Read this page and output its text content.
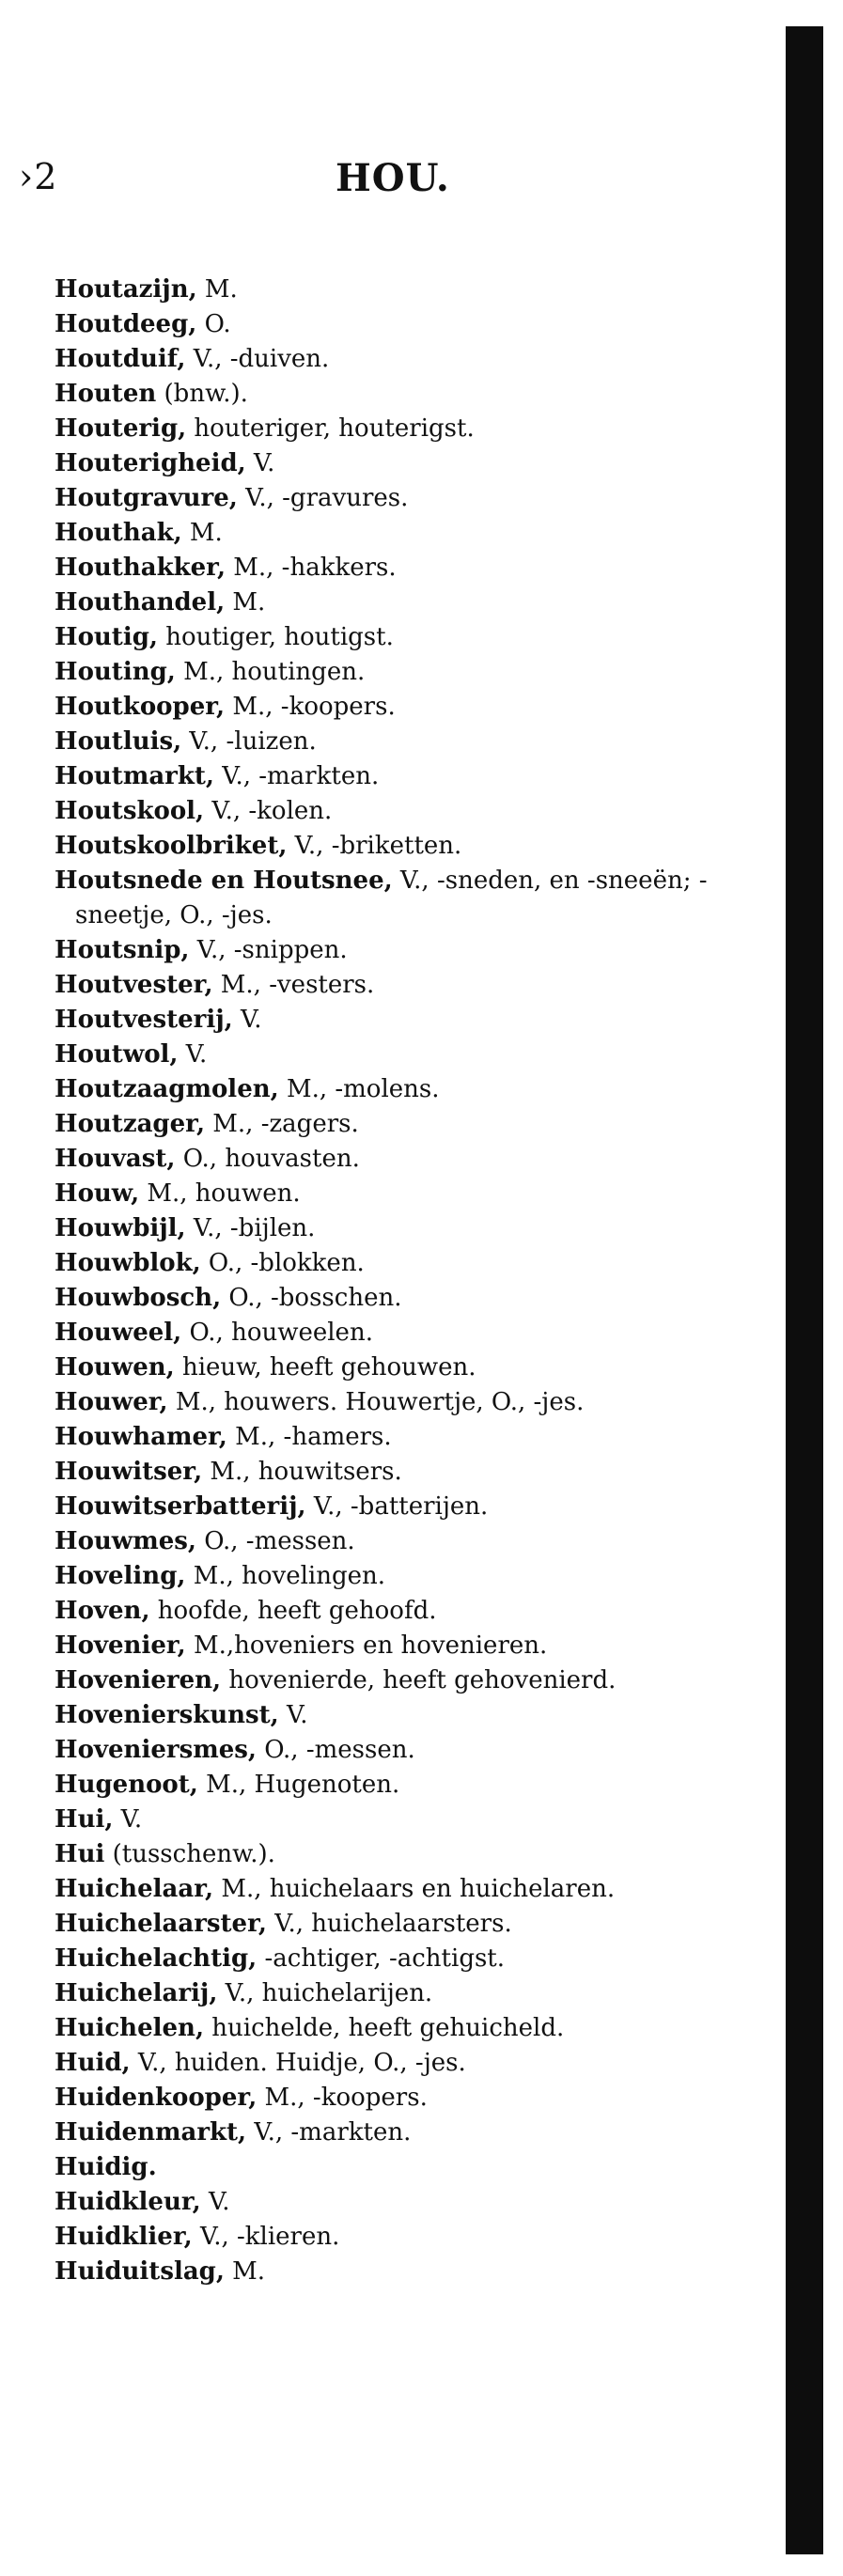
›2	HOU.

Houtazijn, M.

Houtdeeg, O.

Houtduif, V., -duiven.

Houten (bnw.).

Houterig, houteriger, houterigst.

Houterigheid, V.

Houtgravure, V., -gravures.

Houthak, M.

Houthakker, M., -hakkers.

Houthandel, M.

Houtig, houtiger, houtigst.

Houting, M., houtingen.

Houtkooper, M., -koopers.

Houtluis, V., -luizen.

Houtmarkt, V., -markten.

Houtskool, V., -kolen.

Houtskoolbriket, V., -briketten.

Houtsnede en Houtsnee, V., -sneden, en -sneeën; -sneetje, O., -jes.

Houtsnip, V., -snippen.

Houtvester, M., -vesters.

Houtvesterij, V.

Houtwol, V.

Houtzaagmolen, M., -molens.

Houtzager, M., -zagers.

Houvast, O., houvasten.

Houw, M., houwen.

Houwbijl, V., -bijlen.

Houwblok, O., -blokken.

Houwbosch, O., -bosschen.

Houweel, O., houweelen.

Houwen, hieuw, heeft gehouwen.

Houwer, M., houwers. Houwertje, O., -jes.

Houwhamer, M., -hamers.

Houwitser, M., houwitsers.

Houwitserbatterij, V., -batterijen.

Houwmes, O., -messen.

Hoveling, M., hovelingen.

Hoven, hoofde, heeft gehoofd.

Hovenier, M.,hoveniers en hovenieren.

Hovenieren, hovenierde, heeft gehovenierd.

Hovenierskunst, V.

Hoveniersmes, O., -messen.

Hugenoot, M., Hugenoten.

Hui, V.

Hui (tusschenw.).

Huichelaar, M., huichelaars en huichelaren.

Huichelaarster, V., huichelaarsters.

Huichelachtig, -achtiger, -achtigst.

Huichelarij, V., huichelarijen.

Huichelen, huichelde, heeft gehuicheld.

Huid, V., huiden. Huidje, O., -jes.

Huidenkooper, M., -koopers.

Huidenmarkt, V., -markten.

Huidig.

Huidkleur, V.

Huidklier, V., -klieren.

Huiduitslag, M.
